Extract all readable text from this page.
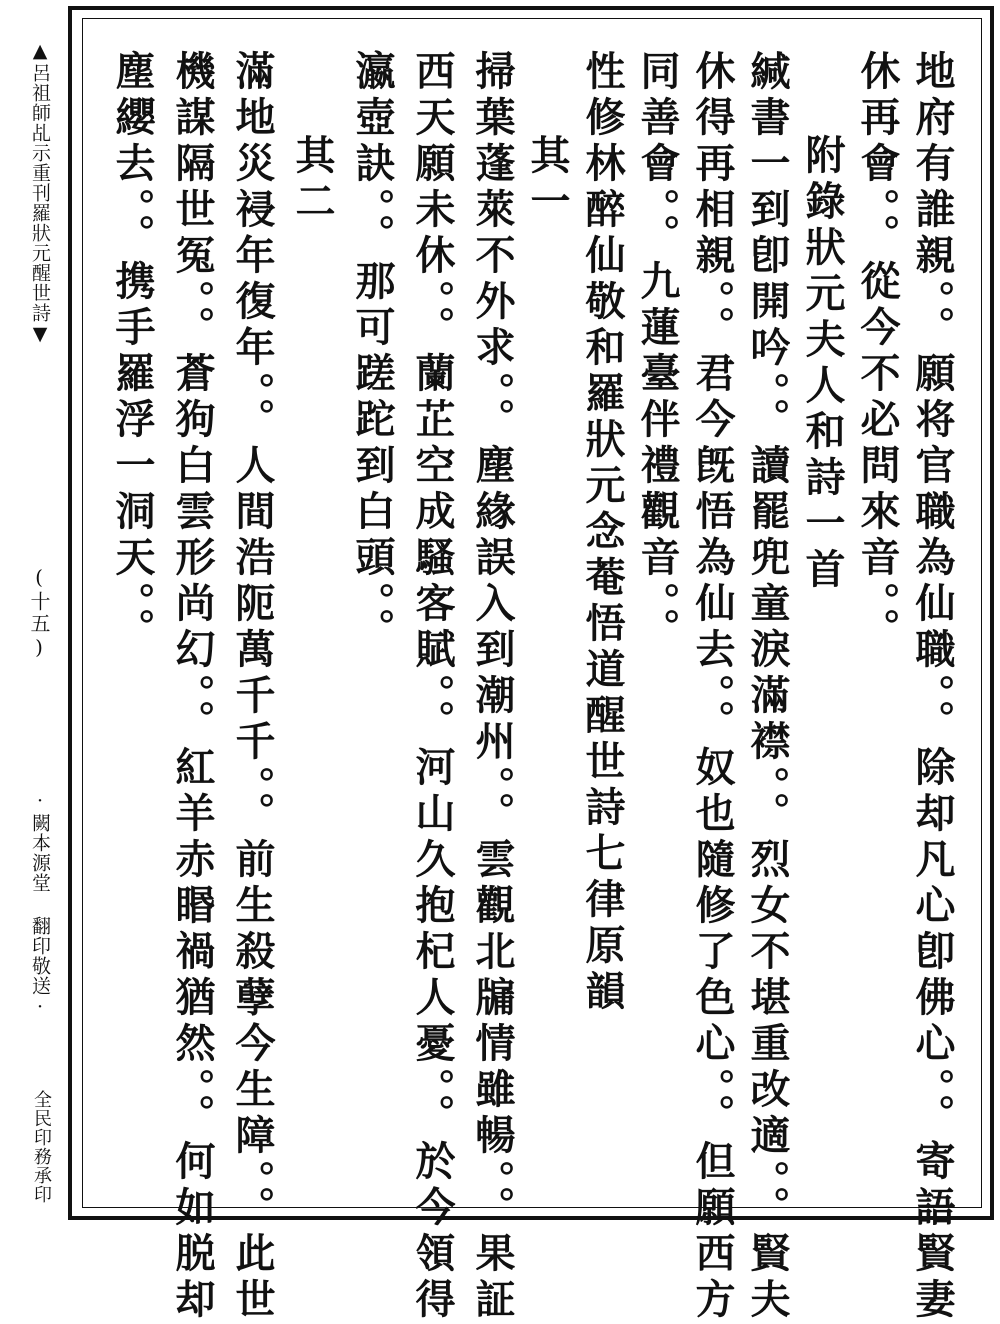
▲呂祖師乩示重刊羅狀元醒世詩▼
(十五)
·闕本源堂 翻印敬送·
全民印務承印	地府有誰親。。願将官職為仙職。。除却凡心卽佛心。。寄語賢妻
休再會。。從今不必問來音。。
附錄狀元夫人和詩一首
緘書一到卽開吟。。讀罷兜童淚滿襟。。烈女不堪重改適。。賢夫
休得再相親。。君今旣悟為仙去。。奴也隨修了色心。。但願西方
同善會。。九蓮臺伴禮觀音。。
性修林醉仙敬和羅狀元念菴悟道醒世詩七律原韻
其一
掃葉蓬萊不外求。。塵緣誤入到潮州。。雲觀北牖情雖暢。。果証
西天願未休。。蘭芷空成騷客賦。。河山久抱杞人憂。。於今領得
瀛壺訣。。那可蹉跎到白頭。。
其二
滿地災祲年復年。。人間浩阨萬千千。。前生殺孽今生障。。此世
機謀隔世冤。。蒼狗白雲形尚幻。。紅羊赤䁕禍猶然。。何如脱却
塵纓去。。携手羅浮一洞天。。
